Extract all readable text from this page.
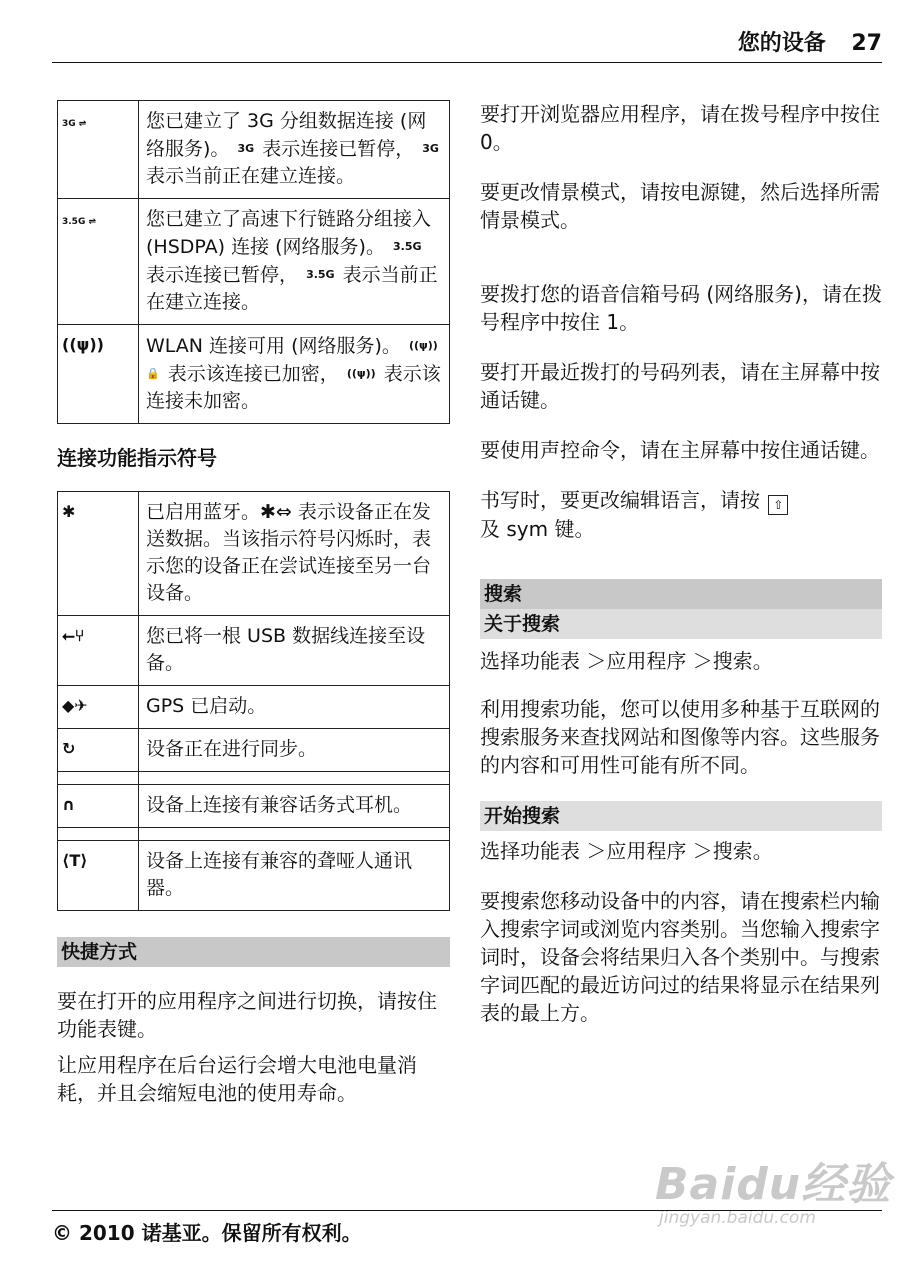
您的设备 27
3G ⇌	您已建立了 3G 分组数据连接 (网络服务)。 3G 表示连接已暂停， 3G 表示当前正在建立连接。
3.5G ⇌	您已建立了高速下行链路分组接入 (HSDPA) 连接 (网络服务)。 3.5G 表示连接已暂停， 3.5G 表示当前正在建立连接。
((ψ))	WLAN 连接可用 (网络服务)。 ((ψ))🔒 表示该连接已加密， ((ψ)) 表示该连接未加密。
连接功能指示符号
✱	已启用蓝牙。✱⇔ 表示设备正在发送数据。当该指示符号闪烁时，表示您的设备正在尝试连接至另一台设备。
⭠⑂	您已将一根 USB 数据线连接至设备。
◆✈	GPS 已启动。
↻	设备正在进行同步。

∩	设备上连接有兼容话务式耳机。

⟨T⟩	设备上连接有兼容的聋哑人通讯器。
快捷方式

要在打开的应用程序之间进行切换，请按住功能表键。

让应用程序在后台运行会增大电池电量消耗，并且会缩短电池的使用寿命。

要打开浏览器应用程序，请在拨号程序中按住 0。

要更改情景模式，请按电源键，然后选择所需情景模式。

要拨打您的语音信箱号码 (网络服务)，请在拨号程序中按住 1。

要打开最近拨打的号码列表，请在主屏幕中按通话键。

要使用声控命令，请在主屏幕中按住通话键。

书写时，要更改编辑语言，请按 ⇧
及 sym 键。

搜索
关于搜索

选择功能表 ＞应用程序 ＞搜索。

利用搜索功能，您可以使用多种基于互联网的搜索服务来查找网站和图像等内容。这些服务的内容和可用性可能有所不同。

开始搜索

选择功能表 ＞应用程序 ＞搜索。

要搜索您移动设备中的内容，请在搜索栏内输入搜索字词或浏览内容类别。当您输入搜索字词时，设备会将结果归入各个类别中。与搜索字词匹配的最近访问过的结果将显示在结果列表的最上方。

Baidu经验
jingyan.baidu.com
© 2010 诺基亚。保留所有权利。
